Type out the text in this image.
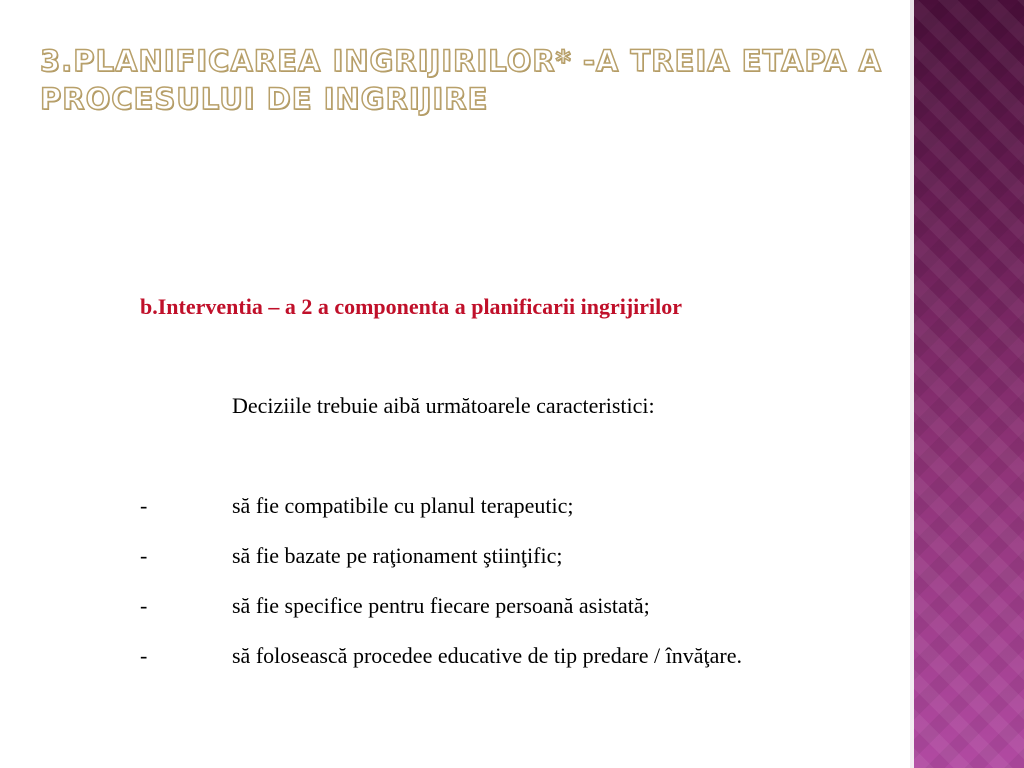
3.PLANIFICAREA INGRIJIRILOR* -A TREIA ETAPA A
PROCESULUI DE INGRIJIRE
b.Interventia – a 2 a componenta a planificarii ingrijirilor
Deciziile trebuie aibă următoarele caracteristici:
-	să fie compatibile cu planul terapeutic;
-	să fie bazate pe raţionament ştiinţific;
-	să fie specifice pentru fiecare persoană asistată;
-	să folosească procedee educative de tip predare / învăţare.
